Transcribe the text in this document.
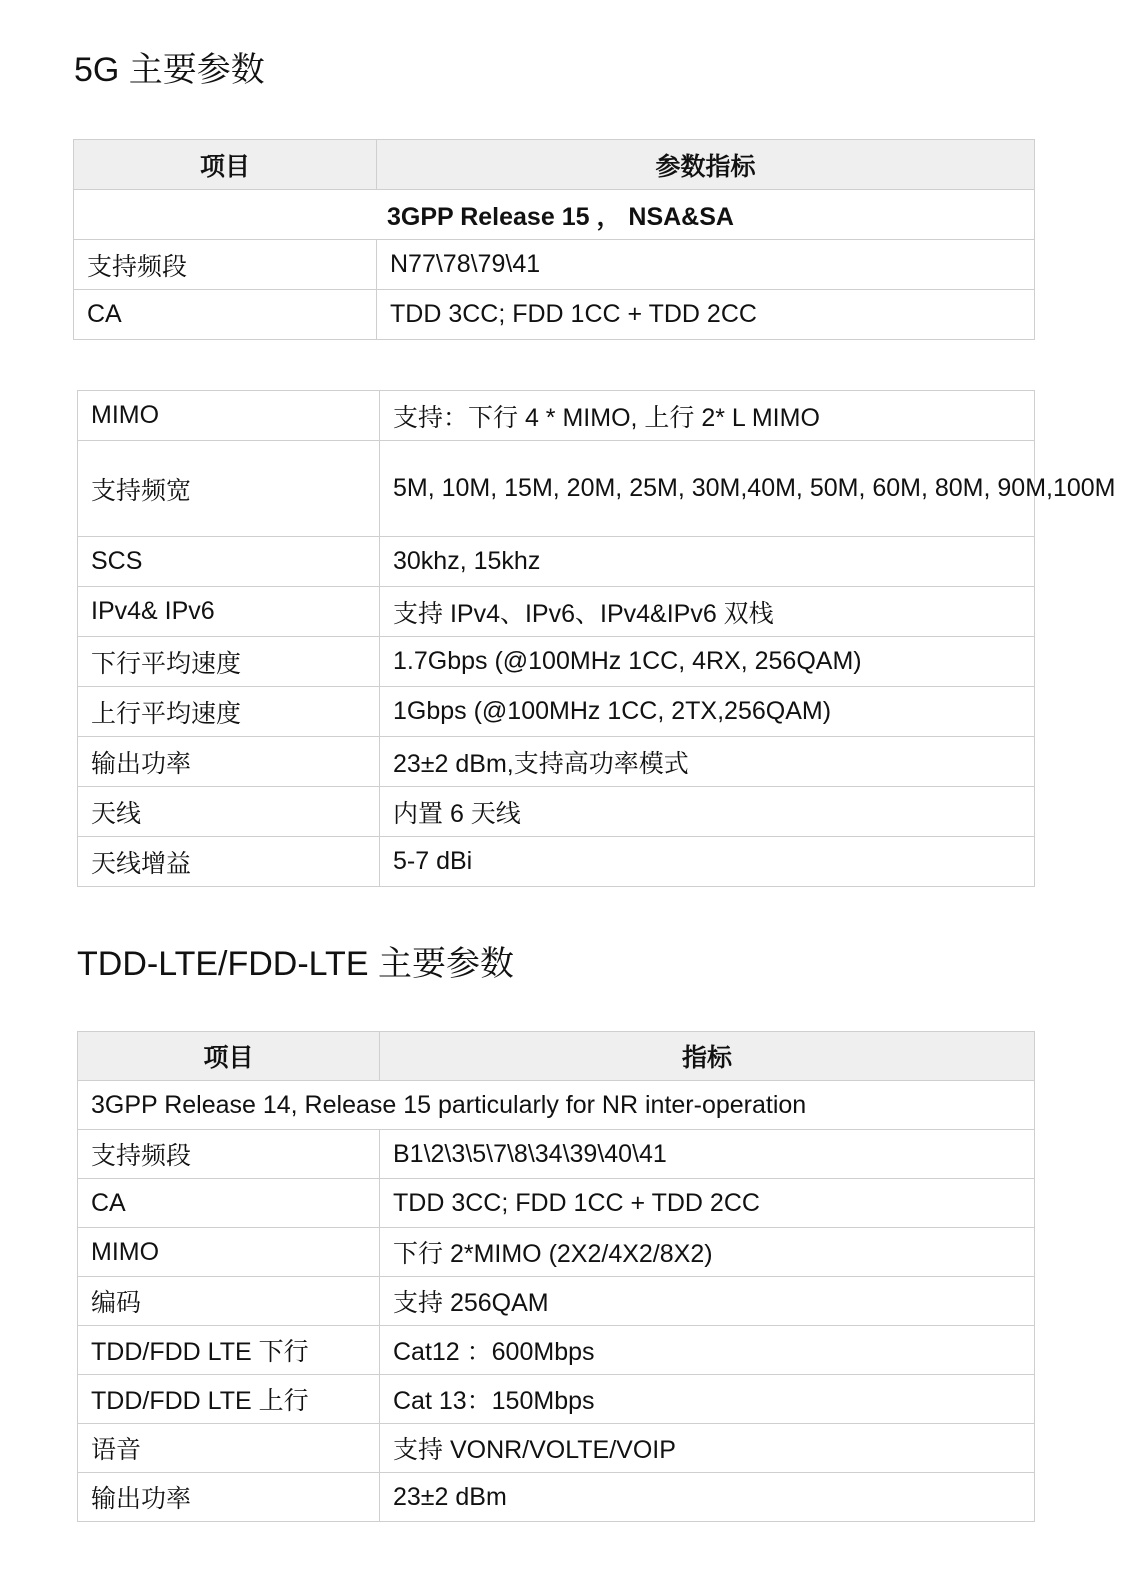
5G 主要参数
项目	参数指标
3GPP Release 15 ， NSA&SA	
支持频段	N77\78\79\41
CA	TDD 3CC; FDD 1CC + TDD 2CC
MIMO	支持：下行 4 * MIMO, 上行 2* L MIMO
支持频宽	5M, 10M, 15M, 20M, 25M, 30M,40M, 50M, 60M, 80M, 90M,100M
SCS	30khz, 15khz
IPv4& IPv6	支持 IPv4、IPv6、IPv4&IPv6 双栈
下行平均速度	1.7Gbps (@100MHz 1CC, 4RX, 256QAM)
上行平均速度	1Gbps (@100MHz 1CC, 2TX,256QAM)
输出功率	23±2 dBm,支持高功率模式
天线	内置 6 天线
天线增益	5-7 dBi
TDD-LTE/FDD-LTE 主要参数
项目	指标
3GPP Release 14, Release 15 particularly for NR inter-operation	
支持频段	B1\2\3\5\7\8\34\39\40\41
CA	TDD 3CC; FDD 1CC + TDD 2CC
MIMO	下行 2*MIMO (2X2/4X2/8X2)
编码	支持 256QAM
TDD/FDD LTE 下行	Cat12 ：600Mbps
TDD/FDD LTE 上行	Cat 13：150Mbps
语音	支持 VONR/VOLTE/VOIP
输出功率	23±2 dBm
